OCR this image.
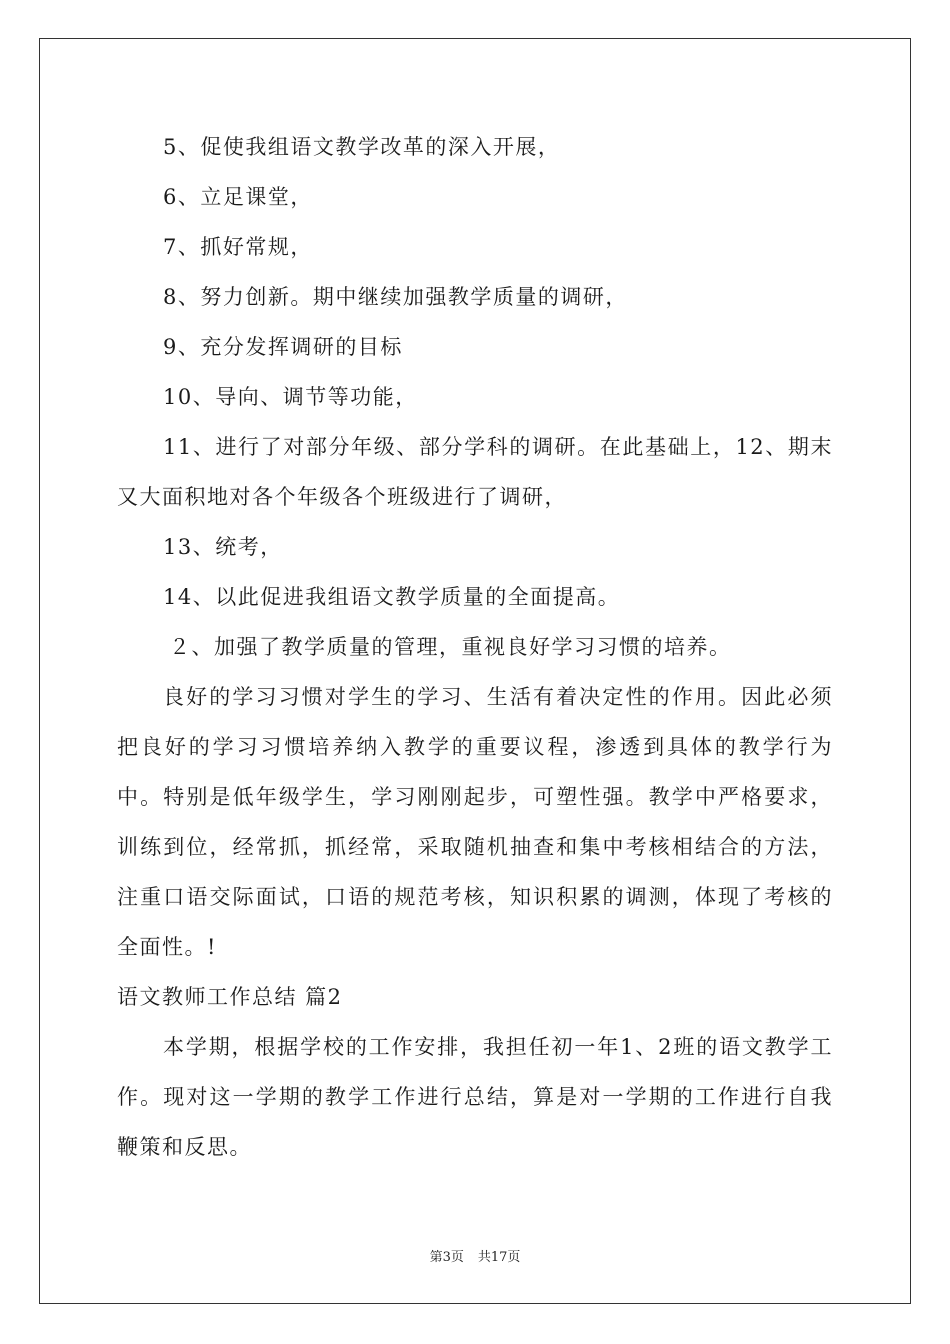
5、促使我组语文教学改革的深入开展，
6、立足课堂，
7、抓好常规，
8、努力创新。期中继续加强教学质量的调研，
9、充分发挥调研的目标
10、导向、调节等功能，

11、进行了对部分年级、部分学科的调研。在此基础上，12、期末又大面积地对各个年级各个班级进行了调研，

13、统考，
14、以此促进我组语文教学质量的全面提高。
２、加强了教学质量的管理，重视良好学习习惯的培养。

良好的学习习惯对学生的学习、生活有着决定性的作用。因此必须把良好的学习习惯培养纳入教学的重要议程，渗透到具体的教学行为中。特别是低年级学生，学习刚刚起步，可塑性强。教学中严格要求，训练到位，经常抓，抓经常，采取随机抽查和集中考核相结合的方法，注重口语交际面试，口语的规范考核，知识积累的调测，体现了考核的全面性。!

语文教师工作总结 篇2

本学期，根据学校的工作安排，我担任初一年1、2班的语文教学工作。现对这一学期的教学工作进行总结，算是对一学期的工作进行自我鞭策和反思。

第3页 共17页
